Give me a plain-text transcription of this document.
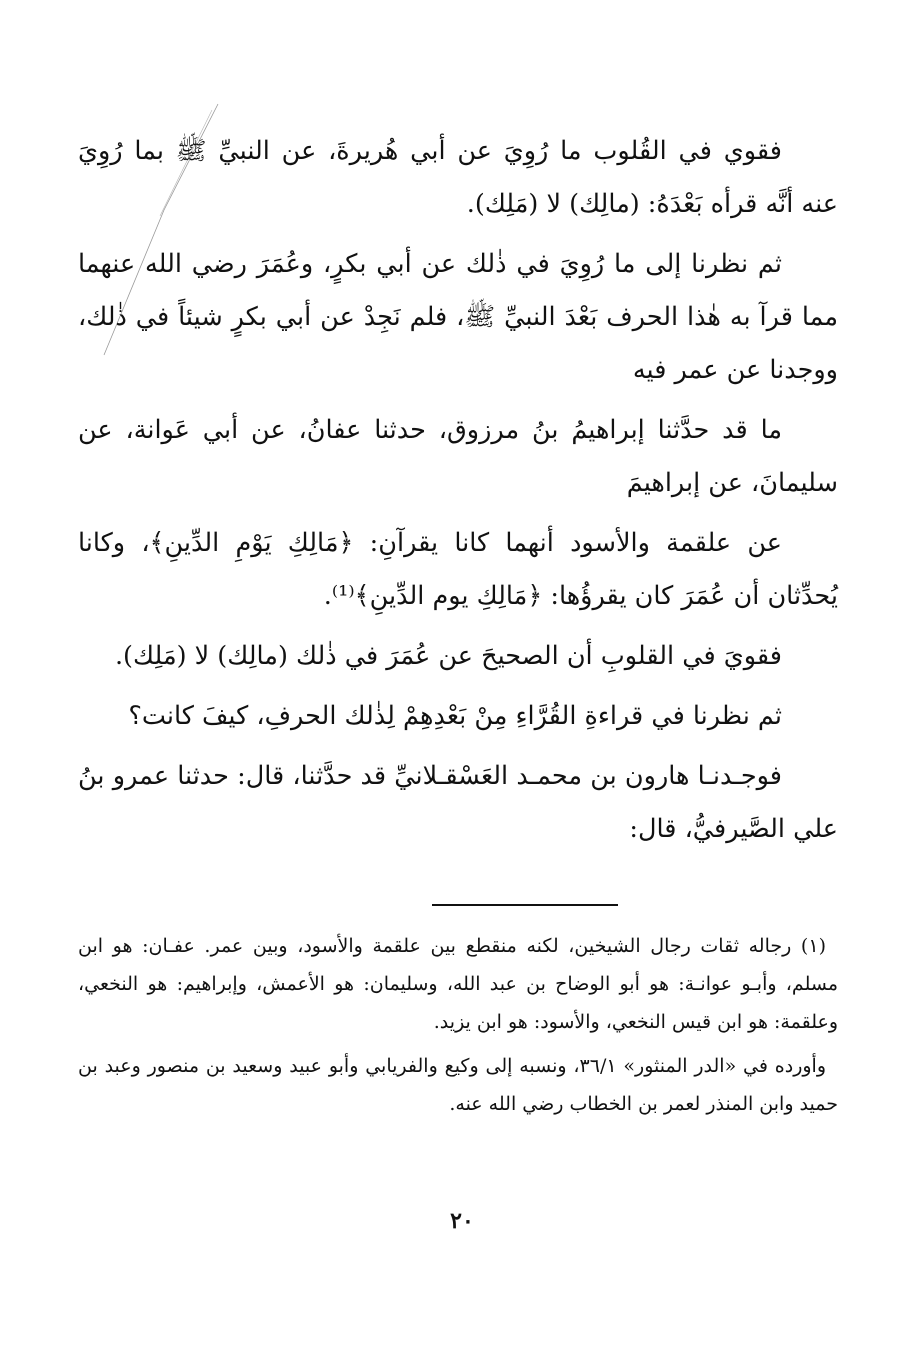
فقوي في القُلوب ما رُوِيَ عن أبي هُريرةَ، عن النبيِّ ﷺ بما رُوِيَ عنه أنَّه قرأه بَعْدَهُ: (مالِك) لا (مَلِك).

ثم نظرنا إلى ما رُوِيَ في ذٰلك عن أبي بكرٍ، وعُمَرَ رضي الله عنهما مما قرآ به هٰذا الحرف بَعْدَ النبيِّ ﷺ، فلم نَجِدْ عن أبي بكرٍ شيئاً في ذٰلك، ووجدنا عن عمر فيه

ما قد حدَّثنا إبراهيمُ بنُ مرزوق، حدثنا عفانُ، عن أبي عَوانة، عن سليمانَ، عن إبراهيمَ

عن علقمة والأسود أنهما كانا يقرآنِ: ﴿مَالِكِ يَوْمِ الدِّينِ﴾، وكانا يُحدِّثان أن عُمَرَ كان يقرؤُها: ﴿مَالِكِ يوم الدِّينِ﴾⁽¹⁾.

فقويَ في القلوبِ أن الصحيحَ عن عُمَرَ في ذٰلك (مالِك) لا (مَلِك).

ثم نظرنا في قراءةِ القُرَّاءِ مِنْ بَعْدِهِمْ لِذٰلك الحرفِ، كيفَ كانت؟

فوجـدنـا هارون بن محمـد العَسْقـلانيِّ قد حدَّثنا، قال: حدثنا عمرو بنُ علي الصَّيرفيُّ، قال:

(١) رجاله ثقات رجال الشيخين، لكنه منقطع بين علقمة والأسود، وبين عمر. عفـان: هو ابن مسلم، وأبـو عوانـة: هو أبو الوضاح بن عبد الله، وسليمان: هو الأعمش، وإبراهيم: هو النخعي، وعلقمة: هو ابن قيس النخعي، والأسود: هو ابن يزيد.

وأورده في «الدر المنثور» ٣٦/١، ونسبه إلى وكيع والفريابي وأبو عبيد وسعيد بن منصور وعبد بن حميد وابن المنذر لعمر بن الخطاب رضي الله عنه.

٢٠
